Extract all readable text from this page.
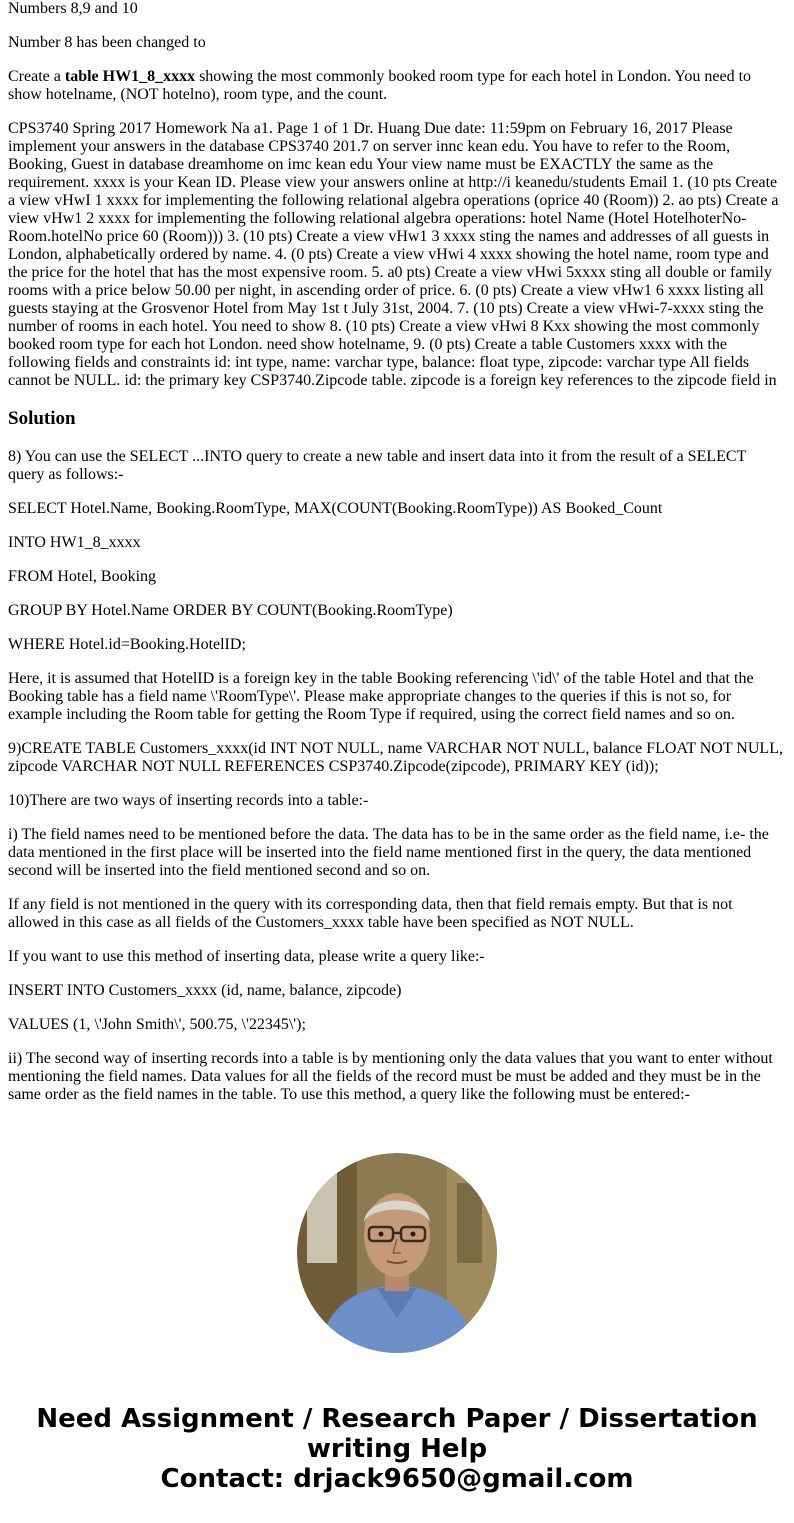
Numbers 8,9 and 10

Number 8 has been changed to

Create a table HW1_8_xxxx showing the most commonly booked room type for each hotel in London. You need to show hotelname, (NOT hotelno), room type, and the count.

CPS3740 Spring 2017 Homework Na a1. Page 1 of 1 Dr. Huang Due date: 11:59pm on February 16, 2017 Please implement your answers in the database CPS3740 201.7 on server innc kean edu. You have to refer to the Room, Booking, Guest in database dreamhome on imc kean edu Your view name must be EXACTLY the same as the requirement. xxxx is your Kean ID. Please view your answers online at http://i keanedu/students Email 1. (10 pts Create a view vHwI 1 xxxx for implementing the following relational algebra operations (oprice 40 (Room)) 2. ao pts) Create a view vHw1 2 xxxx for implementing the following relational algebra operations: hotel Name (Hotel HotelhoterNo-Room.hotelNo price 60 (Room))) 3. (10 pts) Create a view vHw1 3 xxxx sting the names and addresses of all guests in London, alphabetically ordered by name. 4. (0 pts) Create a view vHwi 4 xxxx showing the hotel name, room type and the price for the hotel that has the most expensive room. 5. a0 pts) Create a view vHwi 5xxxx sting all double or family rooms with a price below 50.00 per night, in ascending order of price. 6. (0 pts) Create a view vHw1 6 xxxx listing all guests staying at the Grosvenor Hotel from May 1st t July 31st, 2004. 7. (10 pts) Create a view vHwi-7-xxxx sting the number of rooms in each hotel. You need to show 8. (10 pts) Create a view vHwi 8 Kxx showing the most commonly booked room type for each hot London. need show hotelname, 9. (0 pts) Create a table Customers xxxx with the following fields and constraints id: int type, name: varchar type, balance: float type, zipcode: varchar type All fields cannot be NULL. id: the primary key CSP3740.Zipcode table. zipcode is a foreign key references to the zipcode field in

Solution

8) You can use the SELECT ...INTO query to create a new table and insert data into it from the result of a SELECT query as follows:-

SELECT Hotel.Name, Booking.RoomType, MAX(COUNT(Booking.RoomType)) AS Booked_Count

INTO HW1_8_xxxx

FROM Hotel, Booking

GROUP BY Hotel.Name ORDER BY COUNT(Booking.RoomType)

WHERE Hotel.id=Booking.HotelID;

Here, it is assumed that HotelID is a foreign key in the table Booking referencing \'id\' of the table Hotel and that the Booking table has a field name \'RoomType\'. Please make appropriate changes to the queries if this is not so, for example including the Room table for getting the Room Type if required, using the correct field names and so on.

9)CREATE TABLE Customers_xxxx(id INT NOT NULL, name VARCHAR NOT NULL, balance FLOAT NOT NULL, zipcode VARCHAR NOT NULL REFERENCES CSP3740.Zipcode(zipcode), PRIMARY KEY (id));

10)There are two ways of inserting records into a table:-

i) The field names need to be mentioned before the data. The data has to be in the same order as the field name, i.e- the data mentioned in the first place will be inserted into the field name mentioned first in the query, the data mentioned second will be inserted into the field mentioned second and so on.

If any field is not mentioned in the query with its corresponding data, then that field remais empty. But that is not allowed in this case as all fields of the Customers_xxxx table have been specified as NOT NULL.

If you want to use this method of inserting data, please write a query like:-

INSERT INTO Customers_xxxx (id, name, balance, zipcode)

VALUES (1, \'John Smith\', 500.75, \'22345\');

ii) The second way of inserting records into a table is by mentioning only the data values that you want to enter without mentioning the field names. Data values for all the fields of the record must be must be added and they must be in the same order as the field names in the table. To use this method, a query like the following must be entered:-

Need Assignment / Research Paper / Dissertation writing Help
Contact: drjack9650@gmail.com
